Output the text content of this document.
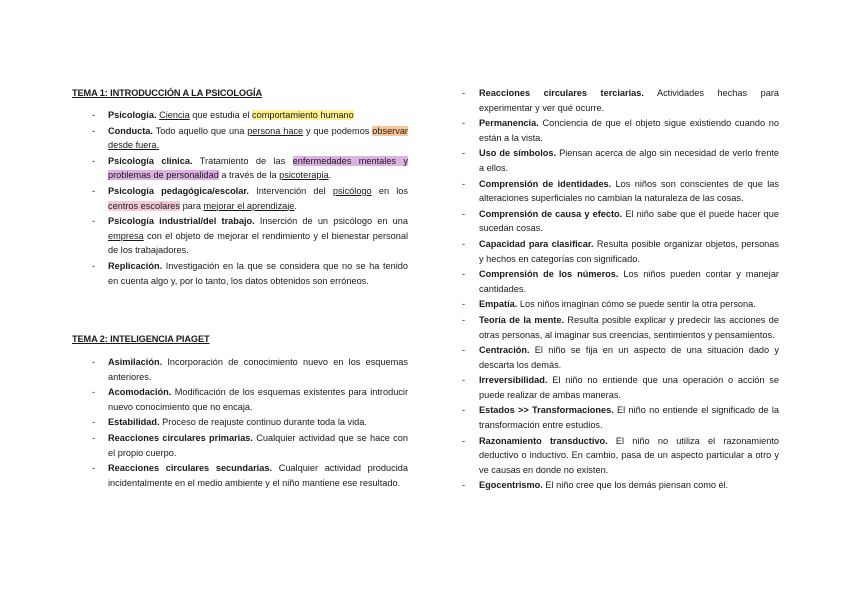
TEMA 1: INTRODUCCIÓN A LA PSICOLOGÍA
- Psicología. Ciencia que estudia el comportamiento humano
- Conducta. Todo aquello que una persona hace y que podemos observar desde fuera.
- Psicología clínica. Tratamiento de las enfermedades mentales y problemas de personalidad a través de la psicoterapia.
- Psicología pedagógica/escolar. Intervención del psicólogo en los centros escolares para mejorar el aprendizaje.
- Psicología industrial/del trabajo. Inserción de un psicólogo en una empresa con el objeto de mejorar el rendimiento y el bienestar personal de los trabajadores.
- Replicación. Investigación en la que se considera que no se ha tenido en cuenta algo y, por lo tanto, los datos obtenidos son erróneos.
TEMA 2: INTELIGENCIA PIAGET
- Asimilación. Incorporación de conocimiento nuevo en los esquemas anteriores.
- Acomodación. Modificación de los esquemas existentes para introducir nuevo conocimiento que no encaja.
- Estabilidad. Proceso de reajuste continuo durante toda la vida.
- Reacciones circulares primarias. Cualquier actividad que se hace con el propio cuerpo.
- Reacciones circulares secundarias. Cualquier actividad producida incidentalmente en el medio ambiente y el niño mantiene ese resultado.
- Reacciones circulares terciarias. Actividades hechas para experimentar y ver qué ocurre.
- Permanencia. Conciencia de que el objeto sigue existiendo cuando no están a la vista.
- Uso de símbolos. Piensan acerca de algo sin necesidad de verlo frente a ellos.
- Comprensión de identidades. Los niños son conscientes de que las alteraciones superficiales no cambian la naturaleza de las cosas.
- Comprensión de causa y efecto. El niño sabe que él puede hacer que sucedan cosas.
- Capacidad para clasificar. Resulta posible organizar objetos, personas y hechos en categorías con significado.
- Comprensión de los números. Los niños pueden contar y manejar cantidades.
- Empatía. Los niños imaginan cómo se puede sentir la otra persona.
- Teoría de la mente. Resulta posible explicar y predecir las acciones de otras personas, al imaginar sus creencias, sentimientos y pensamientos.
- Centración. El niño se fija en un aspecto de una situación dado y descarta los demás.
- Irreversibilidad. El niño no entiende que una operación o acción se puede realizar de ambas maneras.
- Estados >> Transformaciones. El niño no entiende el significado de la transformación entre estudios.
- Razonamiento transductivo. El niño no utiliza el razonamiento deductivo o inductivo. En cambio, pasa de un aspecto particular a otro y ve causas en donde no existen.
- Egocentrismo. El niño cree que los demás piensan como él.
